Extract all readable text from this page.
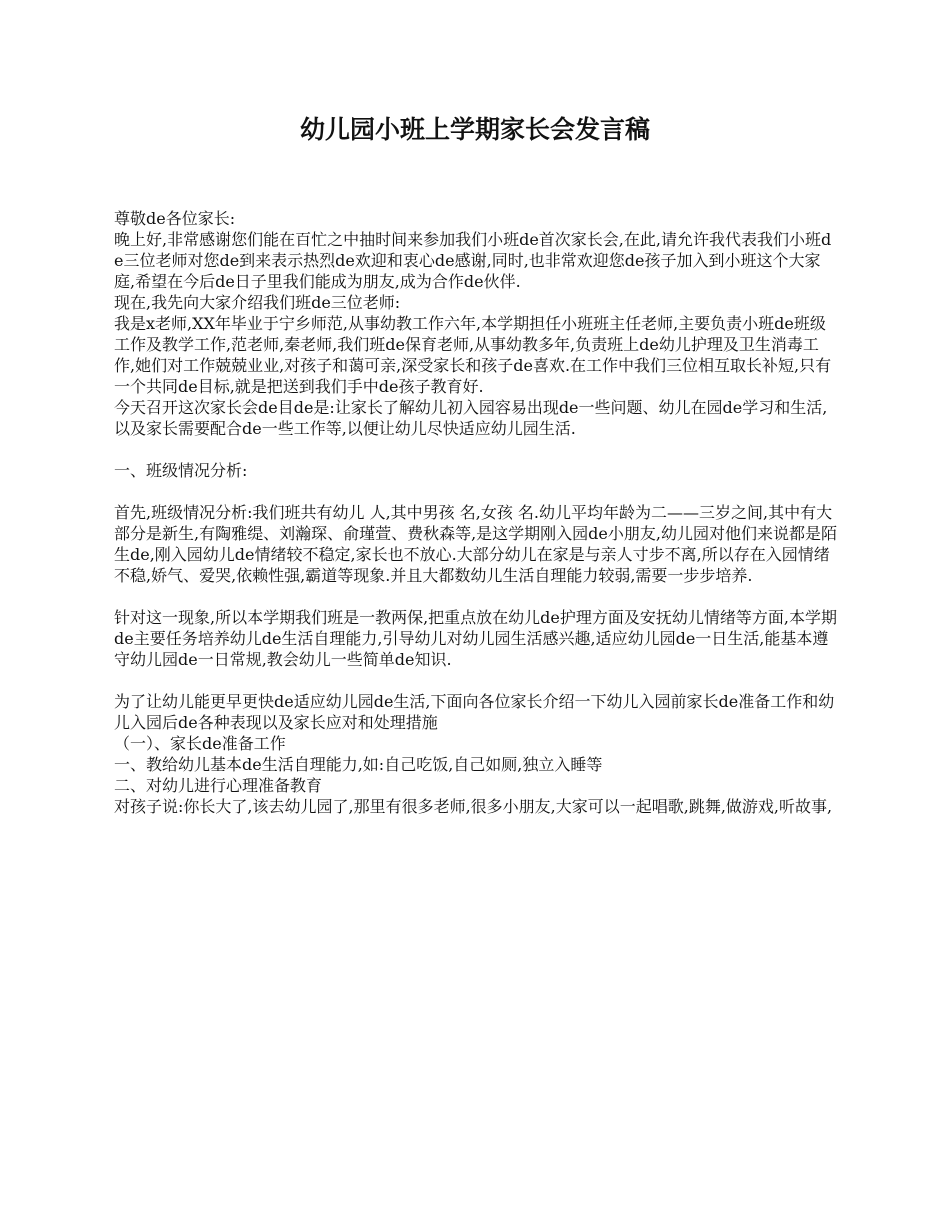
幼儿园小班上学期家长会发言稿

尊敬de各位家长:

晚上好,非常感谢您们能在百忙之中抽时间来参加我们小班de首次家长会,在此,请允许我代表我们小班de三位老师对您de到来表示热烈de欢迎和衷心de感谢,同时,也非常欢迎您de孩子加入到小班这个大家庭,希望在今后de日子里我们能成为朋友,成为合作de伙伴.

现在,我先向大家介绍我们班de三位老师:

我是x老师,XX年毕业于宁乡师范,从事幼教工作六年,本学期担任小班班主任老师,主要负责小班de班级工作及教学工作,范老师,秦老师,我们班de保育老师,从事幼教多年,负责班上de幼儿护理及卫生消毒工作,她们对工作兢兢业业,对孩子和蔼可亲,深受家长和孩子de喜欢.在工作中我们三位相互取长补短,只有一个共同de目标,就是把送到我们手中de孩子教育好.

今天召开这次家长会de目de是:让家长了解幼儿初入园容易出现de一些问题、幼儿在园de学习和生活,以及家长需要配合de一些工作等,以便让幼儿尽快适应幼儿园生活.

一、班级情况分析:

首先,班级情况分析:我们班共有幼儿 人,其中男孩 名,女孩 名.幼儿平均年龄为二——三岁之间,其中有大部分是新生,有陶雅缇、刘瀚琛、俞瑾萱、费秋森等,是这学期刚入园de小朋友,幼儿园对他们来说都是陌生de,刚入园幼儿de情绪较不稳定,家长也不放心.大部分幼儿在家是与亲人寸步不离,所以存在入园情绪不稳,娇气、爱哭,依赖性强,霸道等现象.并且大都数幼儿生活自理能力较弱,需要一步步培养.

针对这一现象,所以本学期我们班是一教两保,把重点放在幼儿de护理方面及安抚幼儿情绪等方面,本学期de主要任务培养幼儿de生活自理能力,引导幼儿对幼儿园生活感兴趣,适应幼儿园de一日生活,能基本遵守幼儿园de一日常规,教会幼儿一些简单de知识.

为了让幼儿能更早更快de适应幼儿园de生活,下面向各位家长介绍一下幼儿入园前家长de准备工作和幼儿入园后de各种表现以及家长应对和处理措施

（一）、家长de准备工作

一、教给幼儿基本de生活自理能力,如:自己吃饭,自己如厕,独立入睡等

二、对幼儿进行心理准备教育

对孩子说:你长大了,该去幼儿园了,那里有很多老师,很多小朋友,大家可以一起唱歌,跳舞,做游戏,听故事,
